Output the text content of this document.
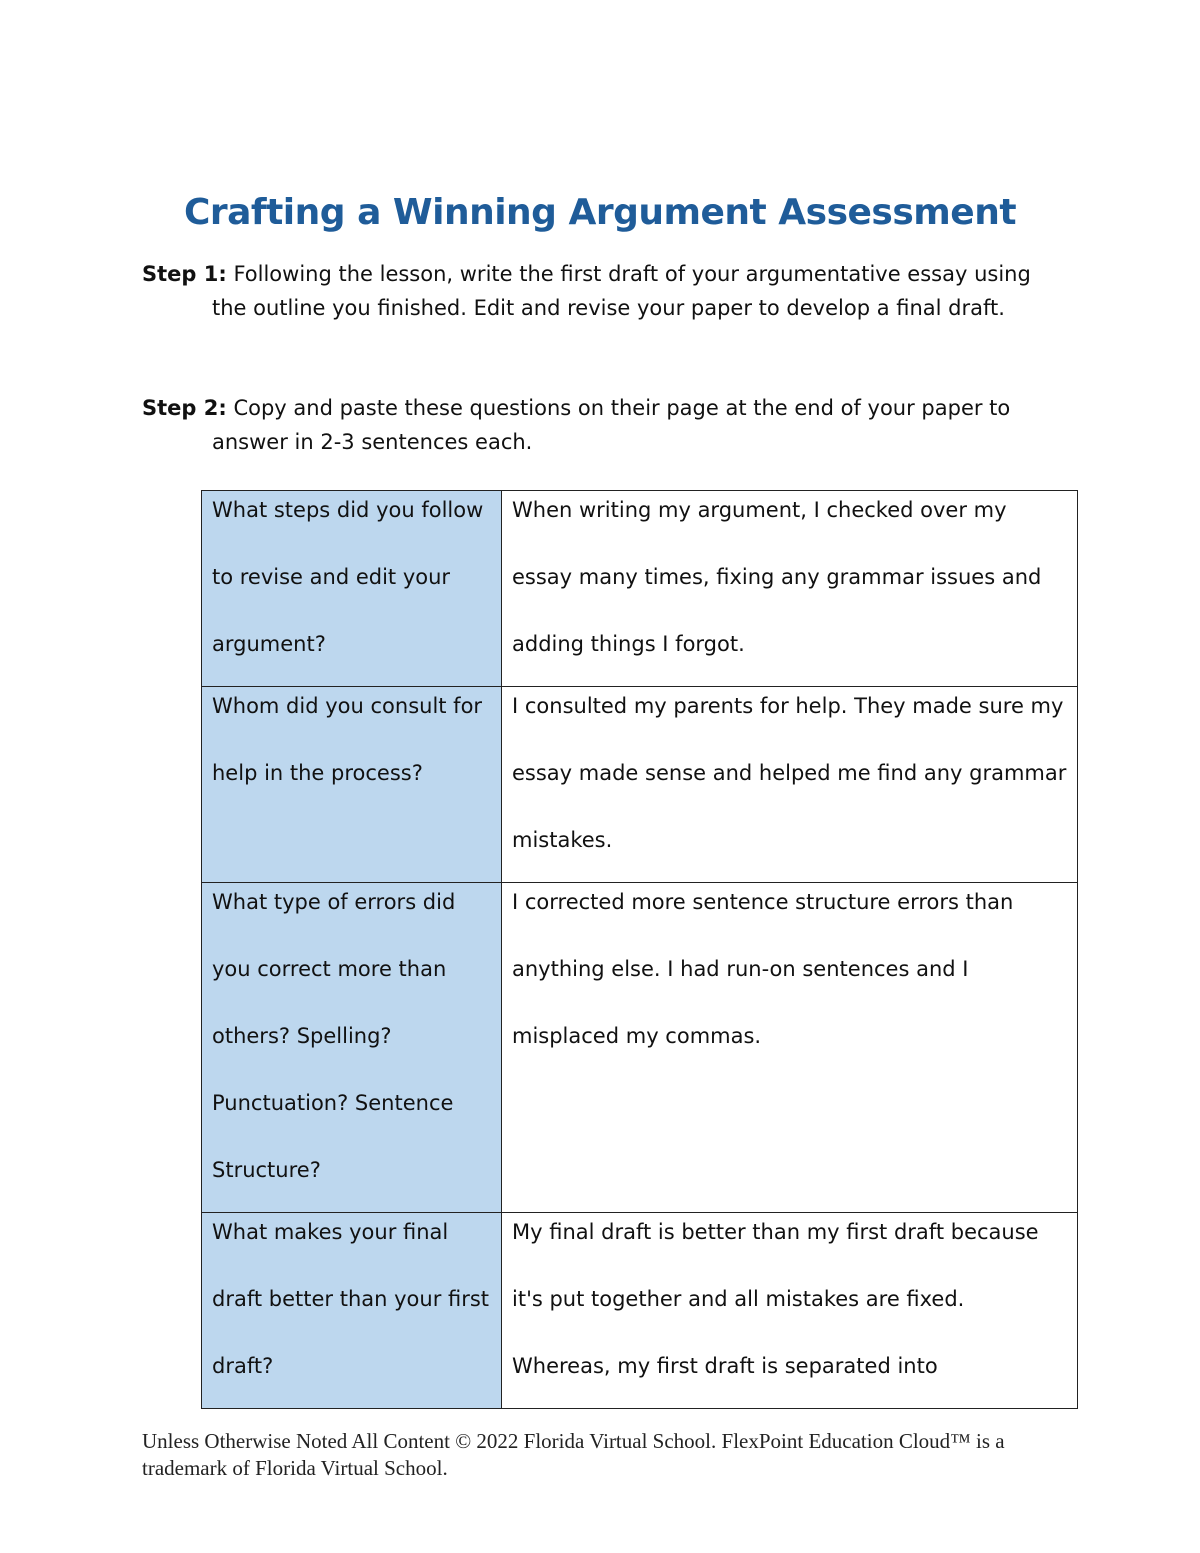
Crafting a Winning Argument Assessment
Step 1: Following the lesson, write the first draft of your argumentative essay using the outline you finished. Edit and revise your paper to develop a final draft.
Step 2: Copy and paste these questions on their page at the end of your paper to answer in 2-3 sentences each.
What steps did you follow to revise and edit your argument?	When writing my argument, I checked over my essay many times, fixing any grammar issues and adding things I forgot.

Whom did you consult for help in the process?	I consulted my parents for help. They made sure my essay made sense and helped me find any grammar mistakes.

What type of errors did you correct more than others? Spelling? Punctuation? Sentence Structure?	I corrected more sentence structure errors than anything else. I had run-on sentences and I misplaced my commas.

What makes your final draft better than your first draft?	My final draft is better than my first draft because it's put together and all mistakes are fixed. Whereas, my first draft is separated into
Unless Otherwise Noted All Content © 2022 Florida Virtual School. FlexPoint Education Cloud™ is a trademark of Florida Virtual School.
